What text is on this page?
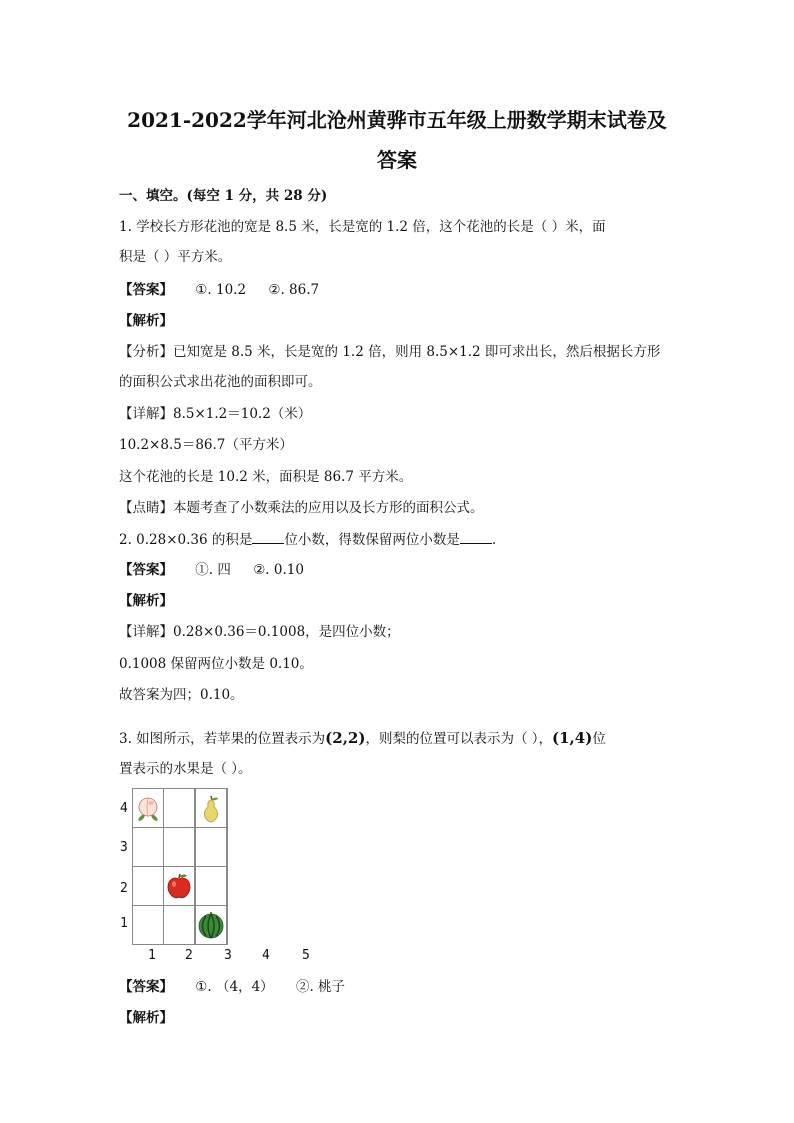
2021-2022学年河北沧州黄骅市五年级上册数学期末试卷及
答案
一、填空。(每空 1 分，共 28 分)
1. 学校长方形花池的宽是 8.5 米，长是宽的 1.2 倍，这个花池的长是（ ）米，面
积是（ ）平方米。
【答案】 ①. 10.2 ②. 86.7
【解析】
【分析】已知宽是 8.5 米，长是宽的 1.2 倍，则用 8.5×1.2 即可求出长，然后根据长方形
的面积公式求出花池的面积即可。
【详解】8.5×1.2＝10.2（米）
10.2×8.5＝86.7（平方米）
这个花池的长是 10.2 米，面积是 86.7 平方米。
【点睛】本题考查了小数乘法的应用以及长方形的面积公式。
2. 0.28×0.36 的积是 位小数，得数保留两位小数是 .
【答案】 ①. 四 ②. 0.10
【解析】
【详解】0.28×0.36＝0.1008，是四位小数；
0.1008 保留两位小数是 0.10。
故答案为四；0.10。
3. 如图所示，若苹果的位置表示为(2,2)，则梨的位置可以表示为（ ），(1,4)位
置表示的水果是（ ）。
4
3
2
1

1 2 3 4 5
【答案】 ①. （4，4） ②. 桃子
【解析】
